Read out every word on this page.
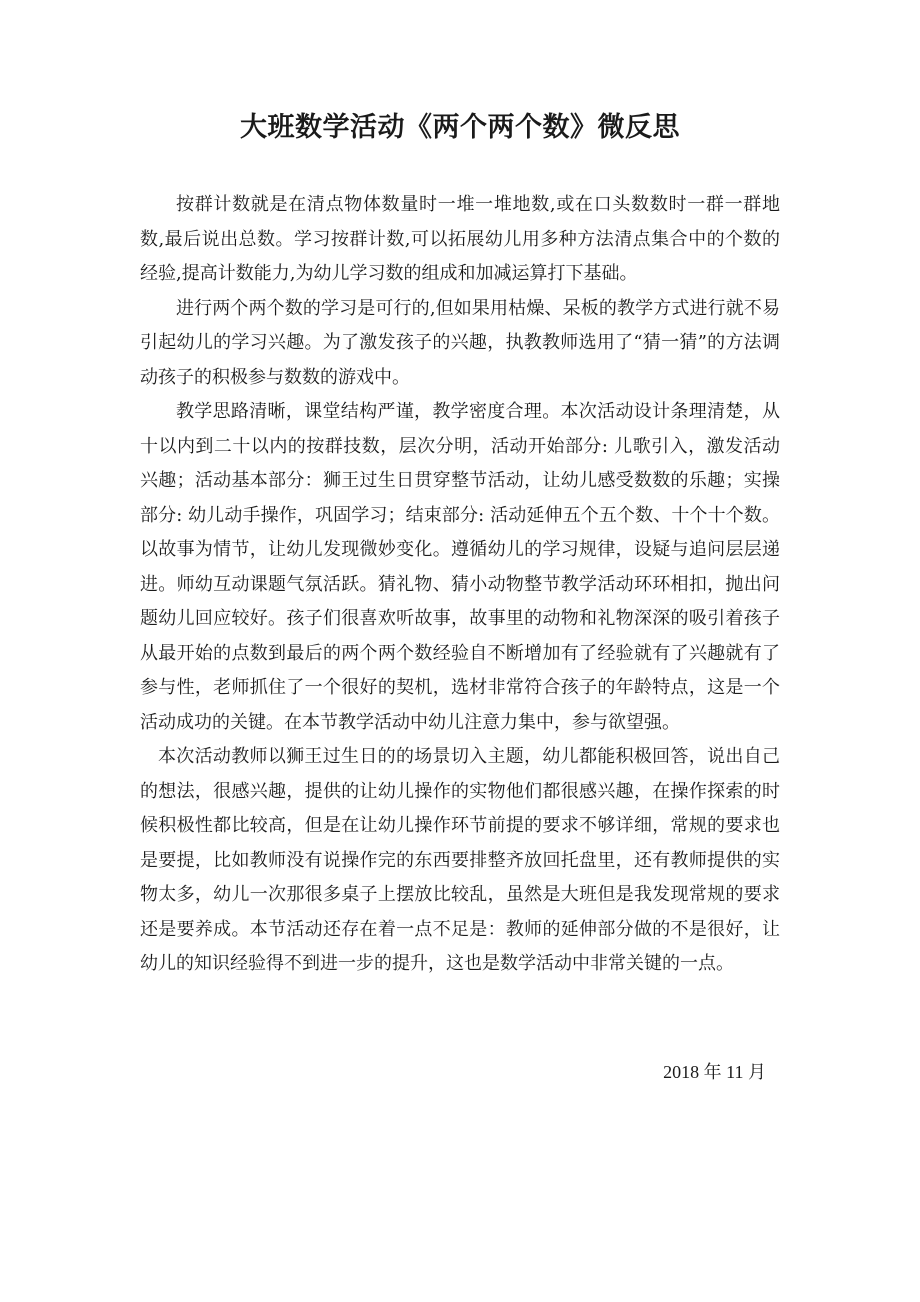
大班数学活动《两个两个数》微反思

按群计数就是在清点物体数量时一堆一堆地数,或在口头数数时一群一群地数,最后说出总数。学习按群计数,可以拓展幼儿用多种方法清点集合中的个数的经验,提高计数能力,为幼儿学习数的组成和加减运算打下基础。

进行两个两个数的学习是可行的,但如果用枯燥、呆板的教学方式进行就不易引起幼儿的学习兴趣。为了激发孩子的兴趣，执教教师选用了“猜一猜”的方法调动孩子的积极参与数数的游戏中。

教学思路清晰，课堂结构严谨，教学密度合理。本次活动设计条理清楚，从十以内到二十以内的按群技数，层次分明，活动开始部分: 儿歌引入，激发活动兴趣；活动基本部分：狮王过生日贯穿整节活动，让幼儿感受数数的乐趣；实操部分: 幼儿动手操作，巩固学习；结束部分: 活动延伸五个五个数、十个十个数。以故事为情节，让幼儿发现微妙变化。遵循幼儿的学习规律，设疑与追问层层递进。师幼互动课题气氛活跃。猜礼物、猜小动物整节教学活动环环相扣，抛出问题幼儿回应较好。孩子们很喜欢听故事，故事里的动物和礼物深深的吸引着孩子从最开始的点数到最后的两个两个数经验自不断增加有了经验就有了兴趣就有了参与性，老师抓住了一个很好的契机，选材非常符合孩子的年龄特点，这是一个活动成功的关键。在本节教学活动中幼儿注意力集中，参与欲望强。

本次活动教师以狮王过生日的的场景切入主题，幼儿都能积极回答，说出自己的想法，很感兴趣，提供的让幼儿操作的实物他们都很感兴趣，在操作探索的时候积极性都比较高，但是在让幼儿操作环节前提的要求不够详细，常规的要求也是要提，比如教师没有说操作完的东西要排整齐放回托盘里，还有教师提供的实物太多，幼儿一次那很多桌子上摆放比较乱，虽然是大班但是我发现常规的要求还是要养成。本节活动还存在着一点不足是：教师的延伸部分做的不是很好，让幼儿的知识经验得不到进一步的提升，这也是数学活动中非常关键的一点。

2018 年 11 月
